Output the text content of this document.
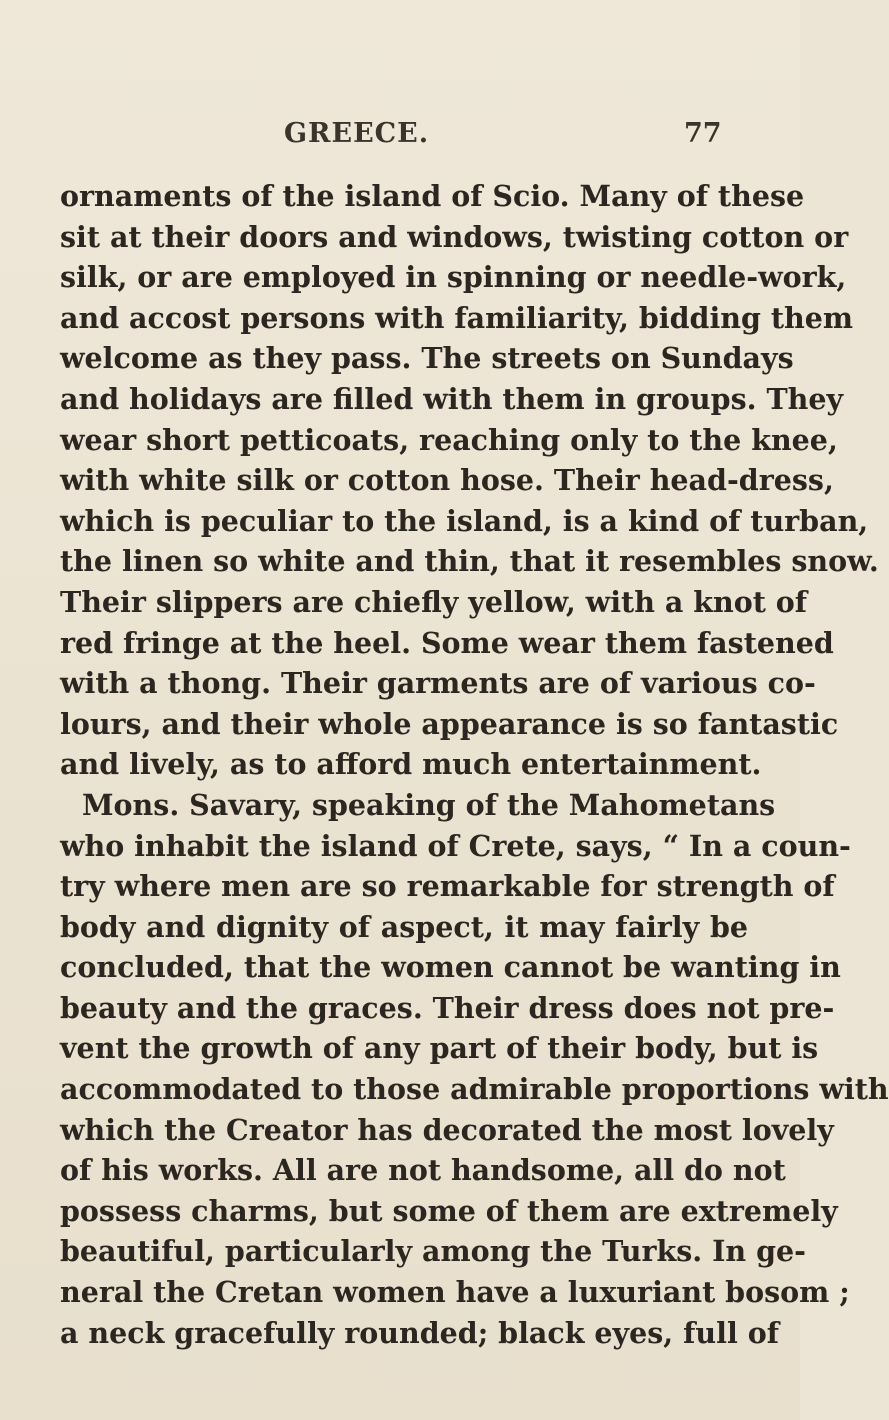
GREECE.	77
ornaments of the island of Scio. Many of these
sit at their doors and windows, twisting cotton or
silk, or are employed in spinning or needle-work,
and accost persons with familiarity, bidding them
welcome as they pass. The streets on Sundays
and holidays are filled with them in groups. They
wear short petticoats, reaching only to the knee,
with white silk or cotton hose. Their head-dress,
which is peculiar to the island, is a kind of turban,
the linen so white and thin, that it resembles snow.
Their slippers are chiefly yellow, with a knot of
red fringe at the heel. Some wear them fastened
with a thong. Their garments are of various co-
lours, and their whole appearance is so fantastic
and lively, as to afford much entertainment.
Mons. Savary, speaking of the Mahometans
who inhabit the island of Crete, says, “ In a coun-
try where men are so remarkable for strength of
body and dignity of aspect, it may fairly be
concluded, that the women cannot be wanting in
beauty and the graces. Their dress does not pre-
vent the growth of any part of their body, but is
accommodated to those admirable proportions with
which the Creator has decorated the most lovely
of his works. All are not handsome, all do not
possess charms, but some of them are extremely
beautiful, particularly among the Turks. In ge-
neral the Cretan women have a luxuriant bosom ;
a neck gracefully rounded; black eyes, full of
